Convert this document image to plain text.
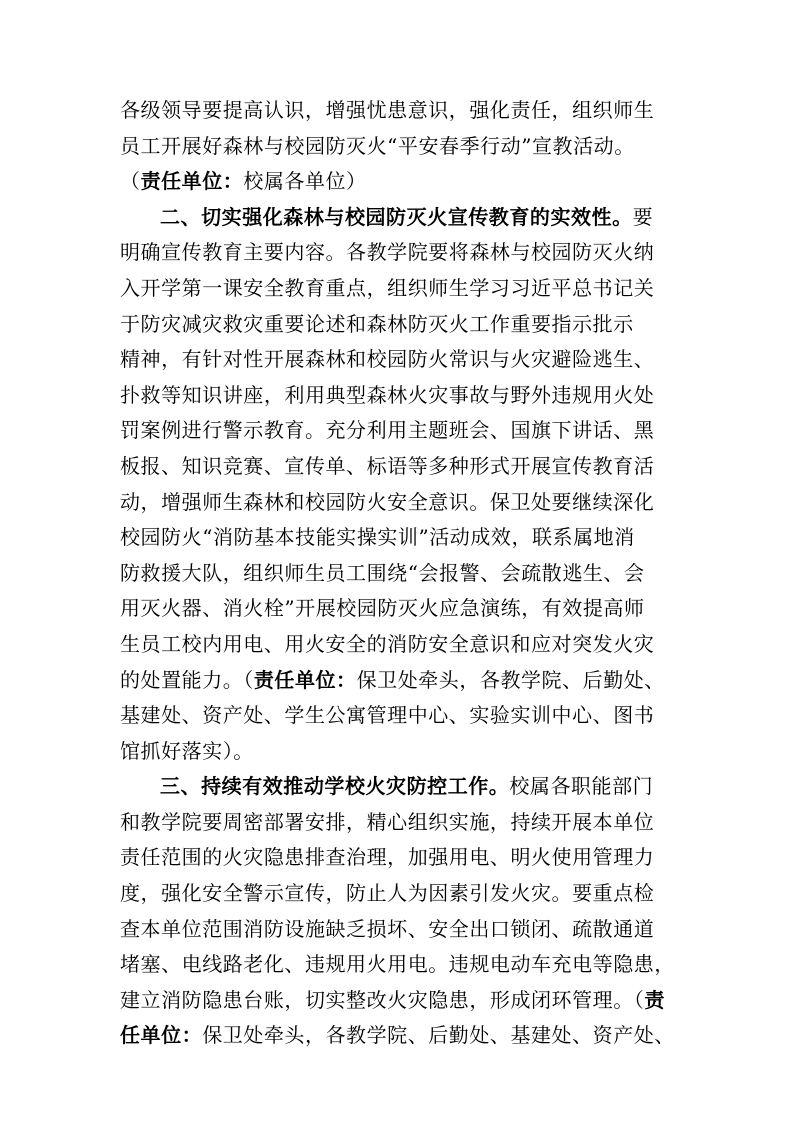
各级领导要提高认识，增强忧患意识，强化责任，组织师生
员工开展好森林与校园防灭火“平安春季行动”宣教活动。
（责任单位：校属各单位）
二、切实强化森林与校园防灭火宣传教育的实效性。要
明确宣传教育主要内容。各教学院要将森林与校园防灭火纳
入开学第一课安全教育重点，组织师生学习习近平总书记关
于防灾减灾救灾重要论述和森林防灭火工作重要指示批示
精神，有针对性开展森林和校园防火常识与火灾避险逃生、
扑救等知识讲座，利用典型森林火灾事故与野外违规用火处
罚案例进行警示教育。充分利用主题班会、国旗下讲话、黑
板报、知识竞赛、宣传单、标语等多种形式开展宣传教育活
动，增强师生森林和校园防火安全意识。保卫处要继续深化
校园防火“消防基本技能实操实训”活动成效，联系属地消
防救援大队，组织师生员工围绕“会报警、会疏散逃生、会
用灭火器、消火栓”开展校园防灭火应急演练，有效提高师
生员工校内用电、用火安全的消防安全意识和应对突发火灾
的处置能力。（责任单位：保卫处牵头，各教学院、后勤处、
基建处、资产处、学生公寓管理中心、实验实训中心、图书
馆抓好落实）。
三、持续有效推动学校火灾防控工作。校属各职能部门
和教学院要周密部署安排，精心组织实施，持续开展本单位
责任范围的火灾隐患排查治理，加强用电、明火使用管理力
度，强化安全警示宣传，防止人为因素引发火灾。要重点检
查本单位范围消防设施缺乏损坏、安全出口锁闭、疏散通道
堵塞、电线路老化、违规用火用电。违规电动车充电等隐患，
建立消防隐患台账，切实整改火灾隐患，形成闭环管理。（责
任单位：保卫处牵头，各教学院、后勤处、基建处、资产处、
